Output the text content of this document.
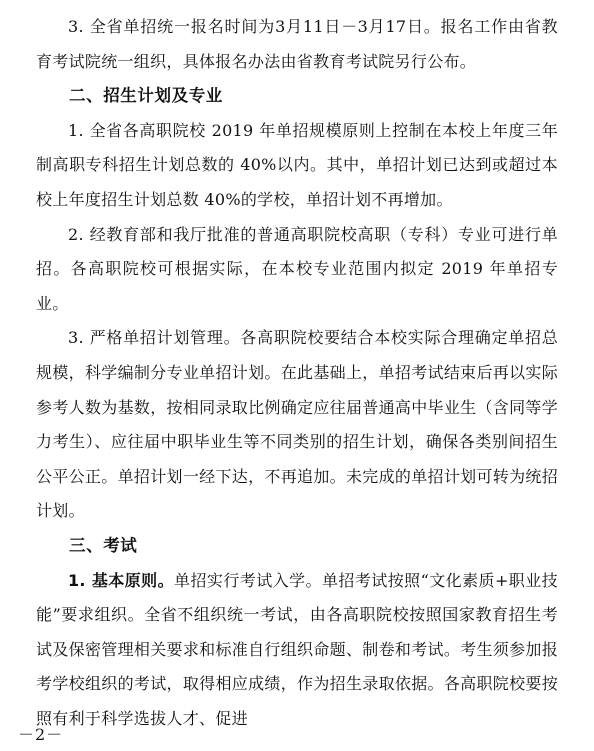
3. 全省单招统一报名时间为3月11日－3月17日。报名工作由省教育考试院统一组织，具体报名办法由省教育考试院另行公布。

二、招生计划及专业

1. 全省各高职院校 2019 年单招规模原则上控制在本校上年度三年制高职专科招生计划总数的 40%以内。其中，单招计划已达到或超过本校上年度招生计划总数 40%的学校，单招计划不再增加。

2. 经教育部和我厅批准的普通高职院校高职（专科）专业可进行单招。各高职院校可根据实际，在本校专业范围内拟定 2019 年单招专业。

3. 严格单招计划管理。各高职院校要结合本校实际合理确定单招总规模，科学编制分专业单招计划。在此基础上，单招考试结束后再以实际参考人数为基数，按相同录取比例确定应往届普通高中毕业生（含同等学力考生）、应往届中职毕业生等不同类别的招生计划，确保各类别间招生公平公正。单招计划一经下达，不再追加。未完成的单招计划可转为统招计划。

三、考试

1. 基本原则。单招实行考试入学。单招考试按照“文化素质+职业技能”要求组织。全省不组织统一考试，由各高职院校按照国家教育招生考试及保密管理相关要求和标准自行组织命题、制卷和考试。考生须参加报考学校组织的考试，取得相应成绩，作为招生录取依据。各高职院校要按照有利于科学选拔人才、促进

－2－
